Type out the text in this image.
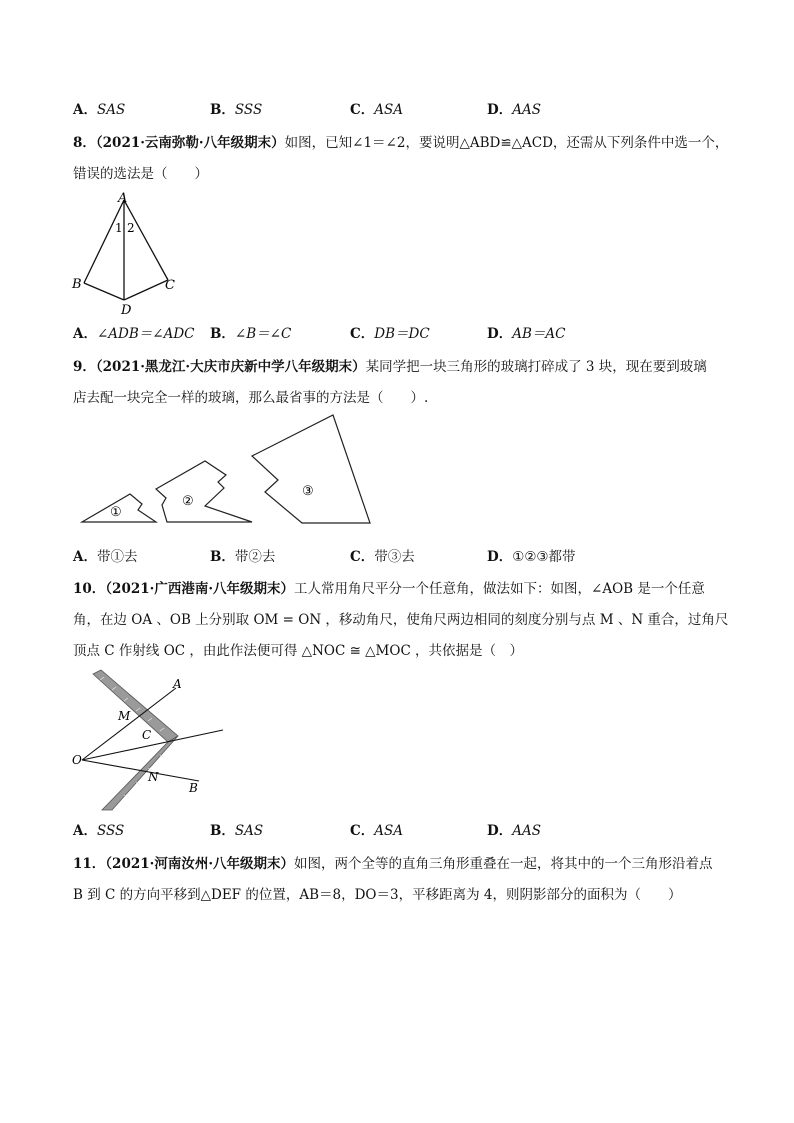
A．SAS	B．SSS	C．ASA	D．AAS
8．（2021·云南弥勒·八年级期末）如图，已知∠1＝∠2，要说明△ABD≌△ACD，还需从下列条件中选一个，
错误的选法是（　　）
A
1 2
B	C
D
A．∠ADB＝∠ADC B．∠B＝∠C	C．DB＝DC	D．AB＝AC
9．（2021·黑龙江·大庆市庆新中学八年级期末）某同学把一块三角形的玻璃打碎成了 3 块，现在要到玻璃
店去配一块完全一样的玻璃，那么最省事的方法是（　　）.
①
②
③
A．带①去	B．带②去	C．带③去	D．①②③都带
10．（2021·广西港南·八年级期末）工人常用角尺平分一个任意角，做法如下：如图，∠AOB 是一个任意
角，在边 OA 、OB 上分别取 OM = ON ，移动角尺，使角尺两边相同的刻度分别与点 M 、N 重合，过角尺
顶点 C 作射线 OC ，由此作法便可得 △NOC ≅ △MOC ，共依据是（　）
A
M
C
O
N
B
A．SSS	B．SAS	C．ASA	D．AAS
11．（2021·河南汝州·八年级期末）如图，两个全等的直角三角形重叠在一起，将其中的一个三角形沿着点
B 到 C 的方向平移到△DEF 的位置，AB＝8，DO＝3，平移距离为 4，则阴影部分的面积为（　　）
